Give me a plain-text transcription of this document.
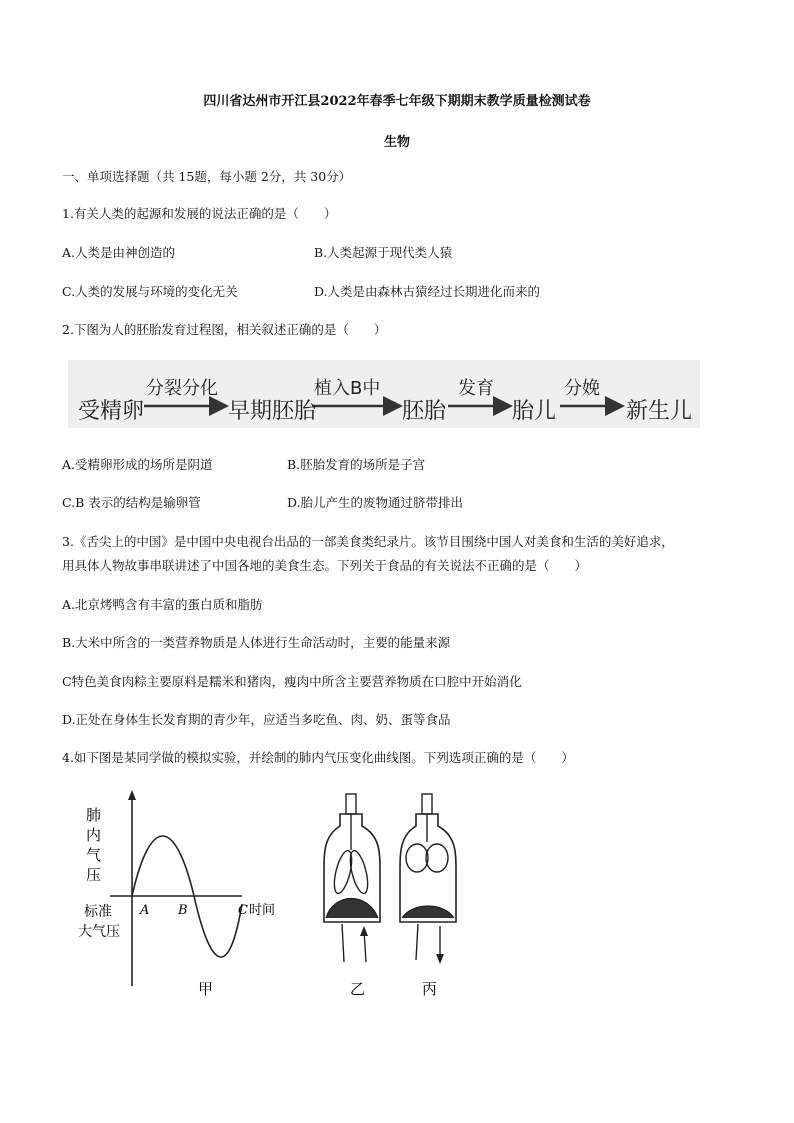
四川省达州市开江县2022年春季七年级下期期末教学质量检测试卷
生物
一、单项选择题（共 15题，每小题 2分，共 30分）
1.有关人类的起源和发展的说法正确的是（　　）
A.人类是由神创造的	B.人类起源于现代类人猿
C.人类的发展与环境的变化无关	D.人类是由森林古猿经过长期进化而来的
2.下图为人的胚胎发育过程图，相关叙述正确的是（　　）
受精卵
分裂分化
早期胚胎
植入B中
胚胎
发育
胎儿
分娩
新生儿
A.受精卵形成的场所是阴道	B.胚胎发育的场所是子宫
C.B 表示的结构是输卵管	D.胎儿产生的废物通过脐带排出
3.《舌尖上的中国》是中国中央电视台出品的一部美食类纪录片。该节目围绕中国人对美食和生活的美好追求，
用具体人物故事串联讲述了中国各地的美食生态。下列关于食品的有关说法不正确的是（　　）
A.北京烤鸭含有丰富的蛋白质和脂肪
B.大米中所含的一类营养物质是人体进行生命活动时，主要的能量来源
C特色美食肉粽主要原料是糯米和猪肉，瘦肉中所含主要营养物质在口腔中开始消化
D.正处在身体生长发育期的青少年，应适当多吃鱼、肉、奶、蛋等食品
4.如下图是某同学做的模拟实验，并绘制的肺内气压变化曲线图。下列选项正确的是（　　）
肺
内
气
压
标准
大气压
A B	C 时间
甲	乙	丙
